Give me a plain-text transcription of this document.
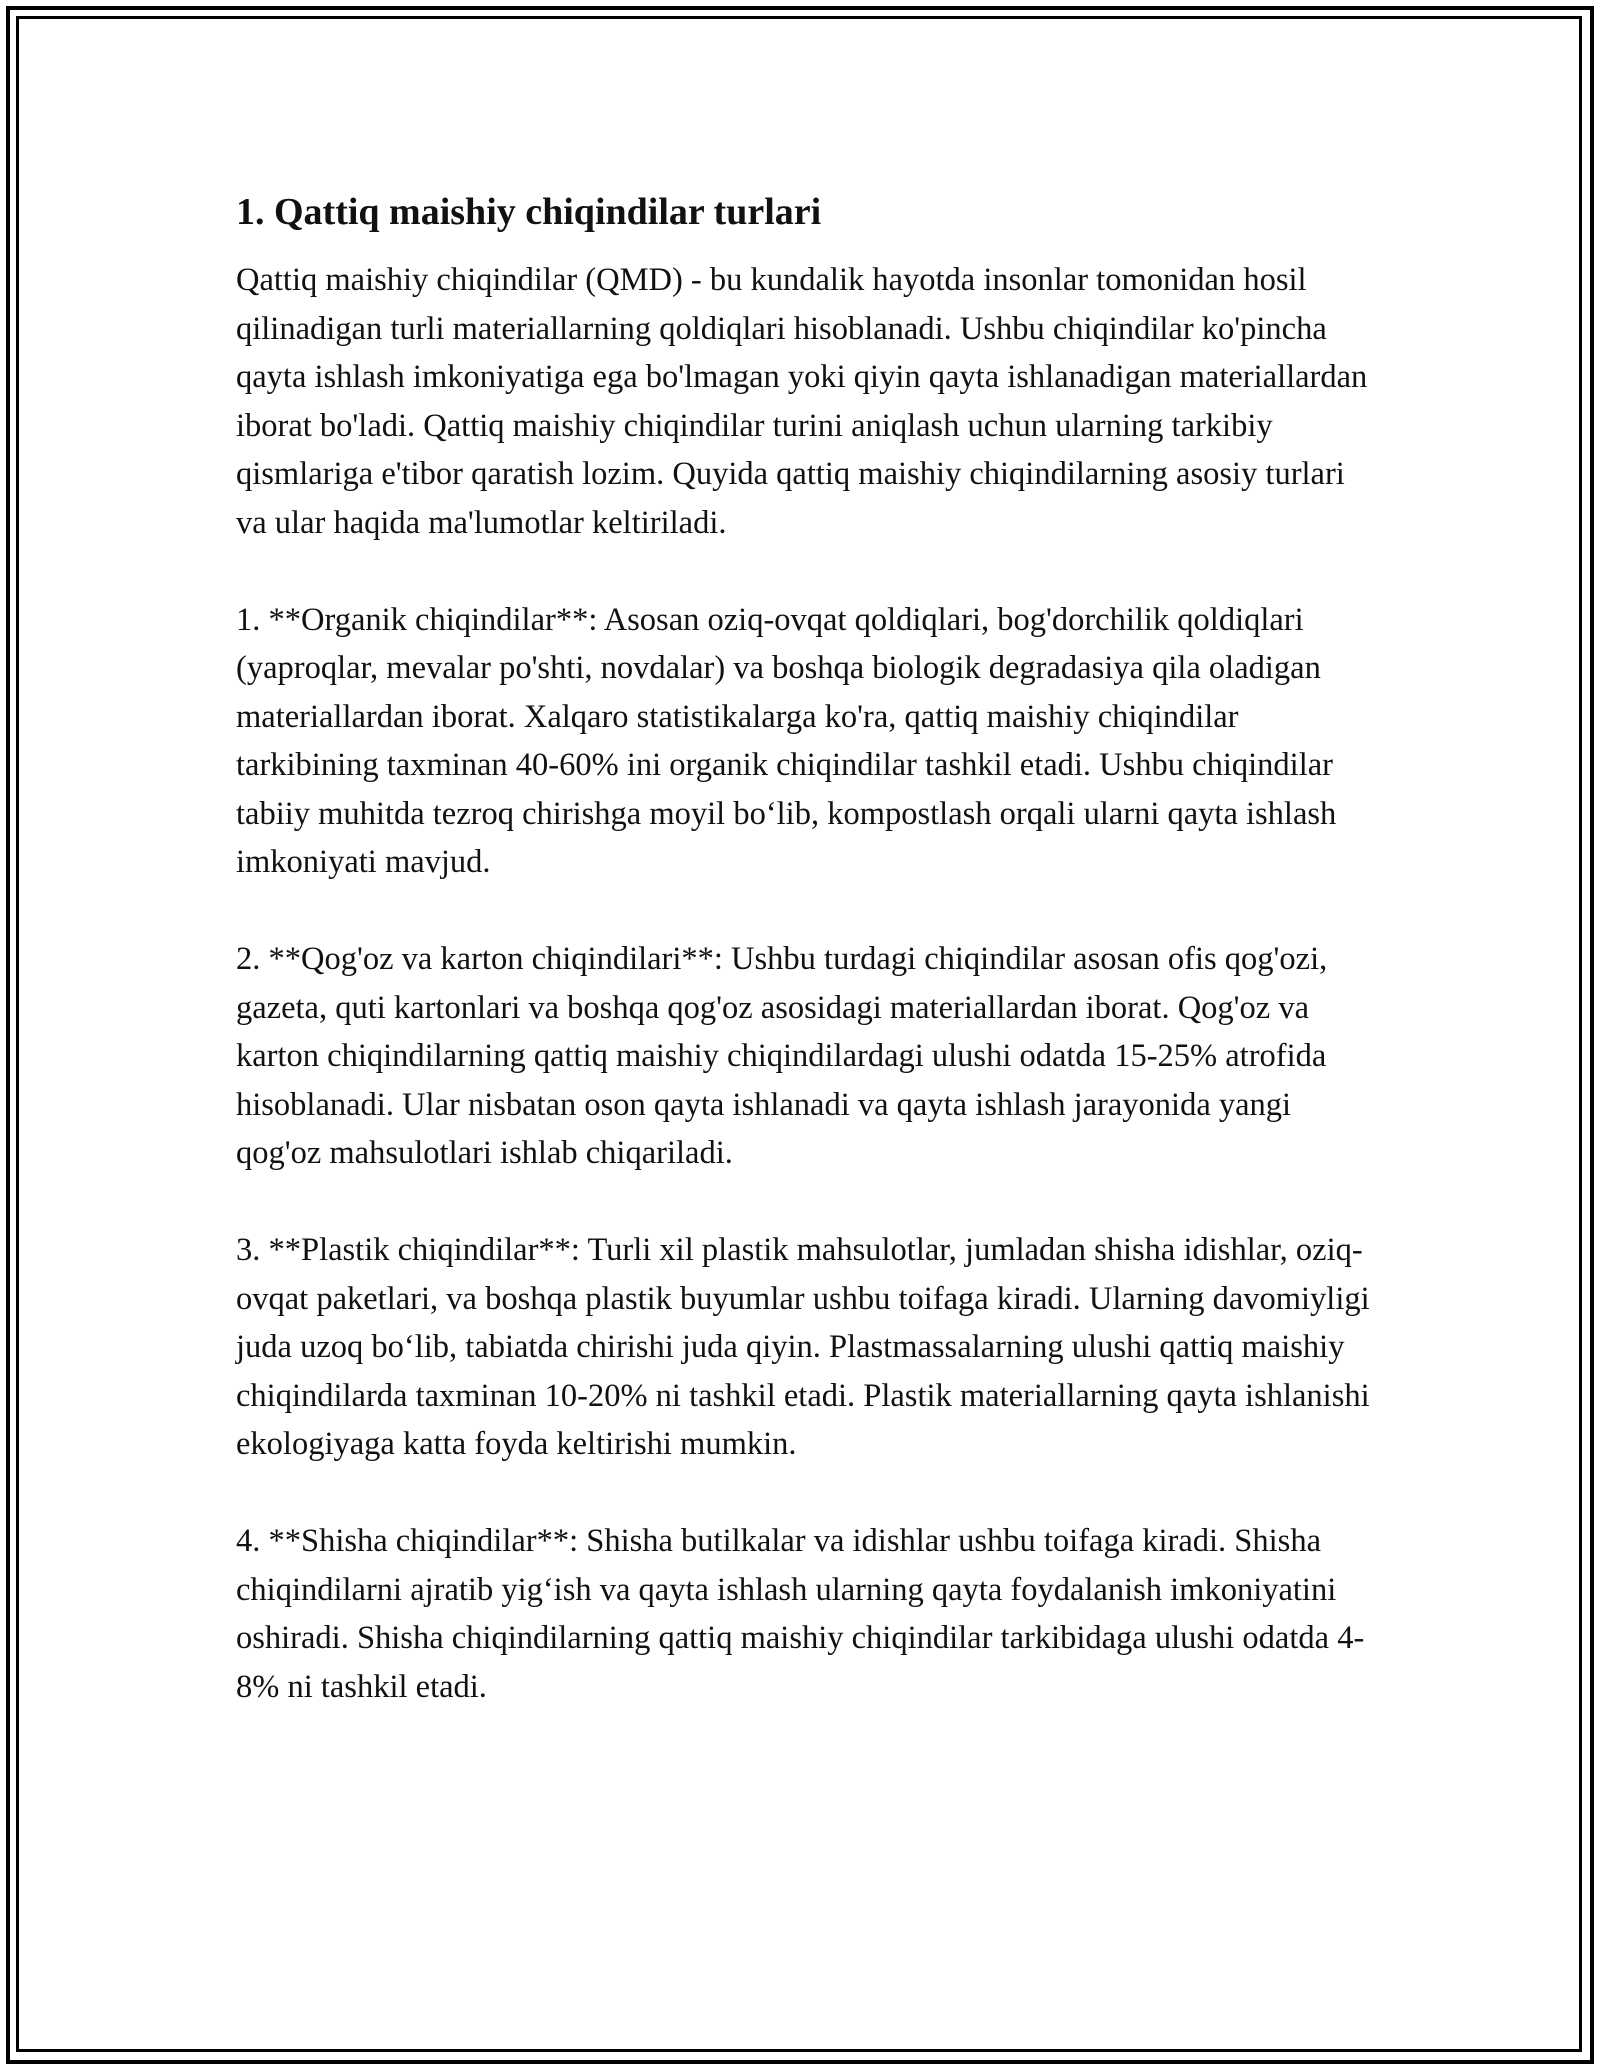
1. Qattiq maishiy chiqindilar turlari

Qattiq maishiy chiqindilar (QMD) - bu kundalik hayotda insonlar tomonidan hosil qilinadigan turli materiallarning qoldiqlari hisoblanadi. Ushbu chiqindilar ko'pincha qayta ishlash imkoniyatiga ega bo'lmagan yoki qiyin qayta ishlanadigan materiallardan iborat bo'ladi. Qattiq maishiy chiqindilar turini aniqlash uchun ularning tarkibiy qismlariga e'tibor qaratish lozim. Quyida qattiq maishiy chiqindilarning asosiy turlari va ular haqida ma'lumotlar keltiriladi.

1. **Organik chiqindilar**: Asosan oziq-ovqat qoldiqlari, bog'dorchilik qoldiqlari (yaproqlar, mevalar po'shti, novdalar) va boshqa biologik degradasiya qila oladigan materiallardan iborat. Xalqaro statistikalarga ko'ra, qattiq maishiy chiqindilar tarkibining taxminan 40-60% ini organik chiqindilar tashkil etadi. Ushbu chiqindilar tabiiy muhitda tezroq chirishga moyil bo‘lib, kompostlash orqali ularni qayta ishlash imkoniyati mavjud.

2. **Qog'oz va karton chiqindilari**: Ushbu turdagi chiqindilar asosan ofis qog'ozi, gazeta, quti kartonlari va boshqa qog'oz asosidagi materiallardan iborat. Qog'oz va karton chiqindilarning qattiq maishiy chiqindilardagi ulushi odatda 15-25% atrofida hisoblanadi. Ular nisbatan oson qayta ishlanadi va qayta ishlash jarayonida yangi qog'oz mahsulotlari ishlab chiqariladi.

3. **Plastik chiqindilar**: Turli xil plastik mahsulotlar, jumladan shisha idishlar, oziq-ovqat paketlari, va boshqa plastik buyumlar ushbu toifaga kiradi. Ularning davomiyligi juda uzoq bo‘lib, tabiatda chirishi juda qiyin. Plastmassalarning ulushi qattiq maishiy chiqindilarda taxminan 10-20% ni tashkil etadi. Plastik materiallarning qayta ishlanishi ekologiyaga katta foyda keltirishi mumkin.

4. **Shisha chiqindilar**: Shisha butilkalar va idishlar ushbu toifaga kiradi. Shisha chiqindilarni ajratib yig‘ish va qayta ishlash ularning qayta foydalanish imkoniyatini oshiradi. Shisha chiqindilarning qattiq maishiy chiqindilar tarkibidaga ulushi odatda 4-8% ni tashkil etadi.
